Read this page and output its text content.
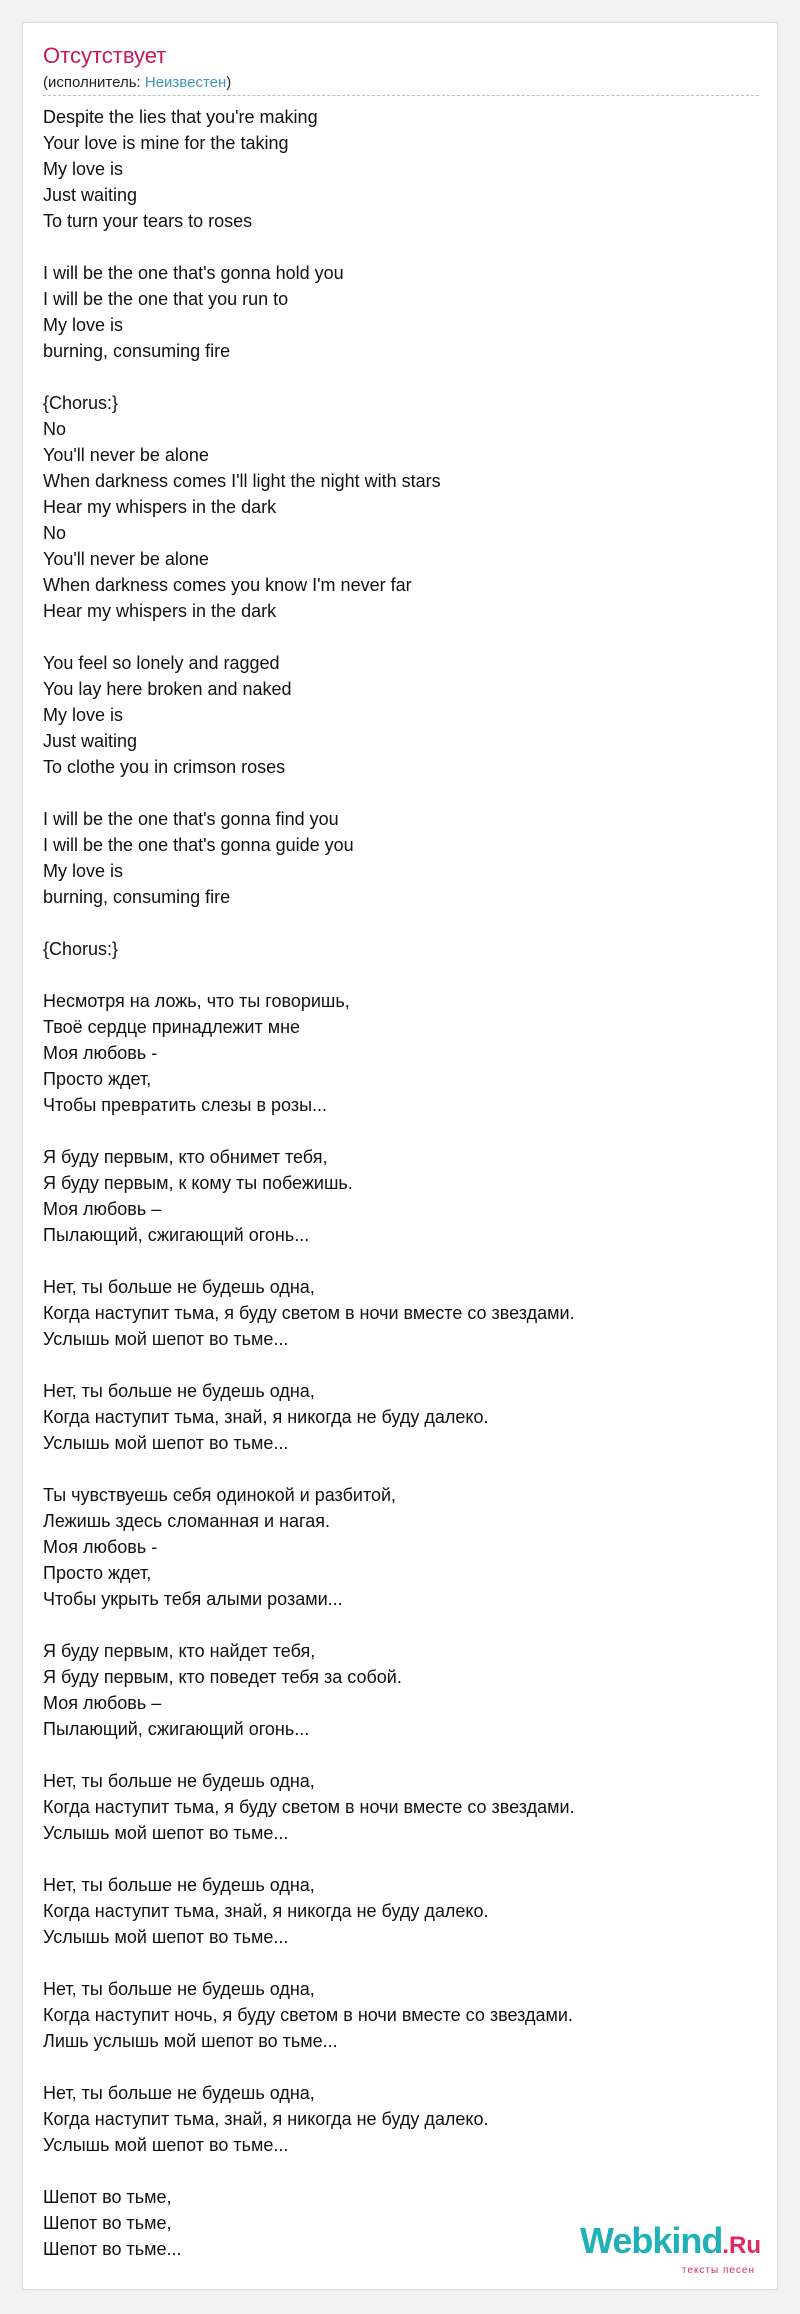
Отсутствует
(исполнитель: Неизвестен)
Despite the lies that you're making
Your love is mine for the taking
My love is
Just waiting
To turn your tears to roses

I will be the one that's gonna hold you
I will be the one that you run to
My love is
burning, consuming fire

{Chorus:}
No
You'll never be alone
When darkness comes I'll light the night with stars
Hear my whispers in the dark
No
You'll never be alone
When darkness comes you know I'm never far
Hear my whispers in the dark

You feel so lonely and ragged
You lay here broken and naked
My love is
Just waiting
To clothe you in crimson roses

I will be the one that's gonna find you
I will be the one that's gonna guide you
My love is
burning, consuming fire

{Chorus:}

Несмотря на ложь, что ты говоришь,
Твоё сердце принадлежит мне
Моя любовь -
Просто ждет,
Чтобы превратить слезы в розы...

Я буду первым, кто обнимет тебя,
Я буду первым, к кому ты побежишь.
Моя любовь –
Пылающий, сжигающий огонь...

Нет, ты больше не будешь одна,
Когда наступит тьма, я буду светом в ночи вместе со звездами.
Услышь мой шепот во тьме...

Нет, ты больше не будешь одна,
Когда наступит тьма, знай, я никогда не буду далеко.
Услышь мой шепот во тьме...

Ты чувствуешь себя одинокой и разбитой,
Лежишь здесь сломанная и нагая.
Моя любовь -
Просто ждет,
Чтобы укрыть тебя алыми розами...

Я буду первым, кто найдет тебя,
Я буду первым, кто поведет тебя за собой.
Моя любовь –
Пылающий, сжигающий огонь...

Нет, ты больше не будешь одна,
Когда наступит тьма, я буду светом в ночи вместе со звездами.
Услышь мой шепот во тьме...

Нет, ты больше не будешь одна,
Когда наступит тьма, знай, я никогда не буду далеко.
Услышь мой шепот во тьме...

Нет, ты больше не будешь одна,
Когда наступит ночь, я буду светом в ночи вместе со звездами.
Лишь услышь мой шепот во тьме...

Нет, ты больше не будешь одна,
Когда наступит тьма, знай, я никогда не буду далеко.
Услышь мой шепот во тьме...

Шепот во тьме,
Шепот во тьме,
Шепот во тьме...	Webkind.Ru
тексты песен
